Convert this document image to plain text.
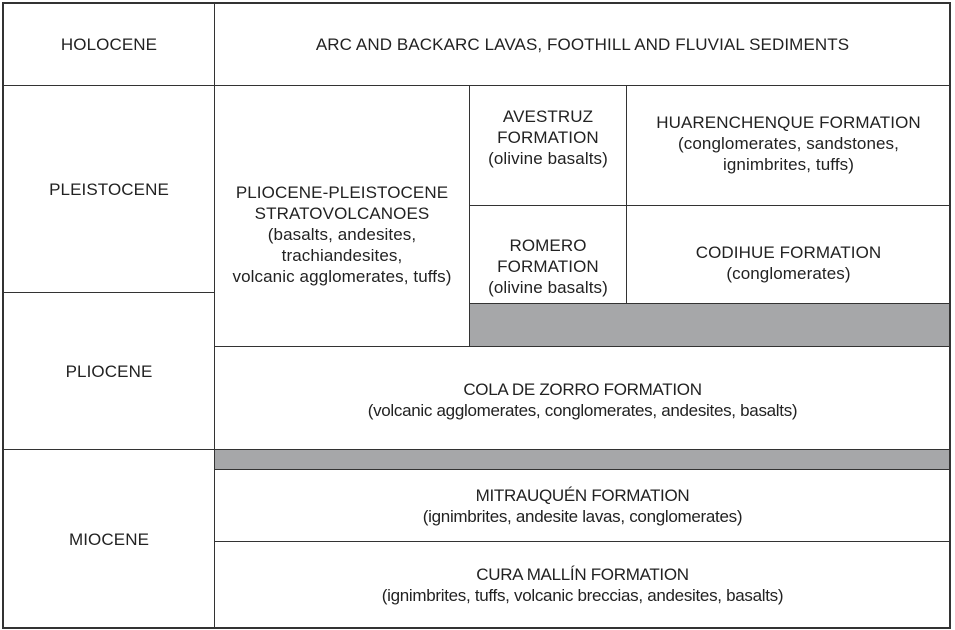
HOLOCENE
PLEISTOCENE
PLIOCENE
MIOCENE
ARC AND BACKARC LAVAS, FOOTHILL AND FLUVIAL SEDIMENTS
PLIOCENE-PLEISTOCENE
STRATOVOLCANOES
(basalts, andesites,
trachiandesites,
volcanic agglomerates, tuffs)
AVESTRUZ
FORMATION
(olivine basalts)
HUARENCHENQUE FORMATION
(conglomerates, sandstones,
ignimbrites, tuffs)
ROMERO
FORMATION
(olivine basalts)
CODIHUE FORMATION
(conglomerates)
COLA DE ZORRO FORMATION
(volcanic agglomerates, conglomerates, andesites, basalts)
MITRAUQUÉN FORMATION
(ignimbrites, andesite lavas, conglomerates)
CURA MALLÍN FORMATION
(ignimbrites, tuffs, volcanic breccias, andesites, basalts)
